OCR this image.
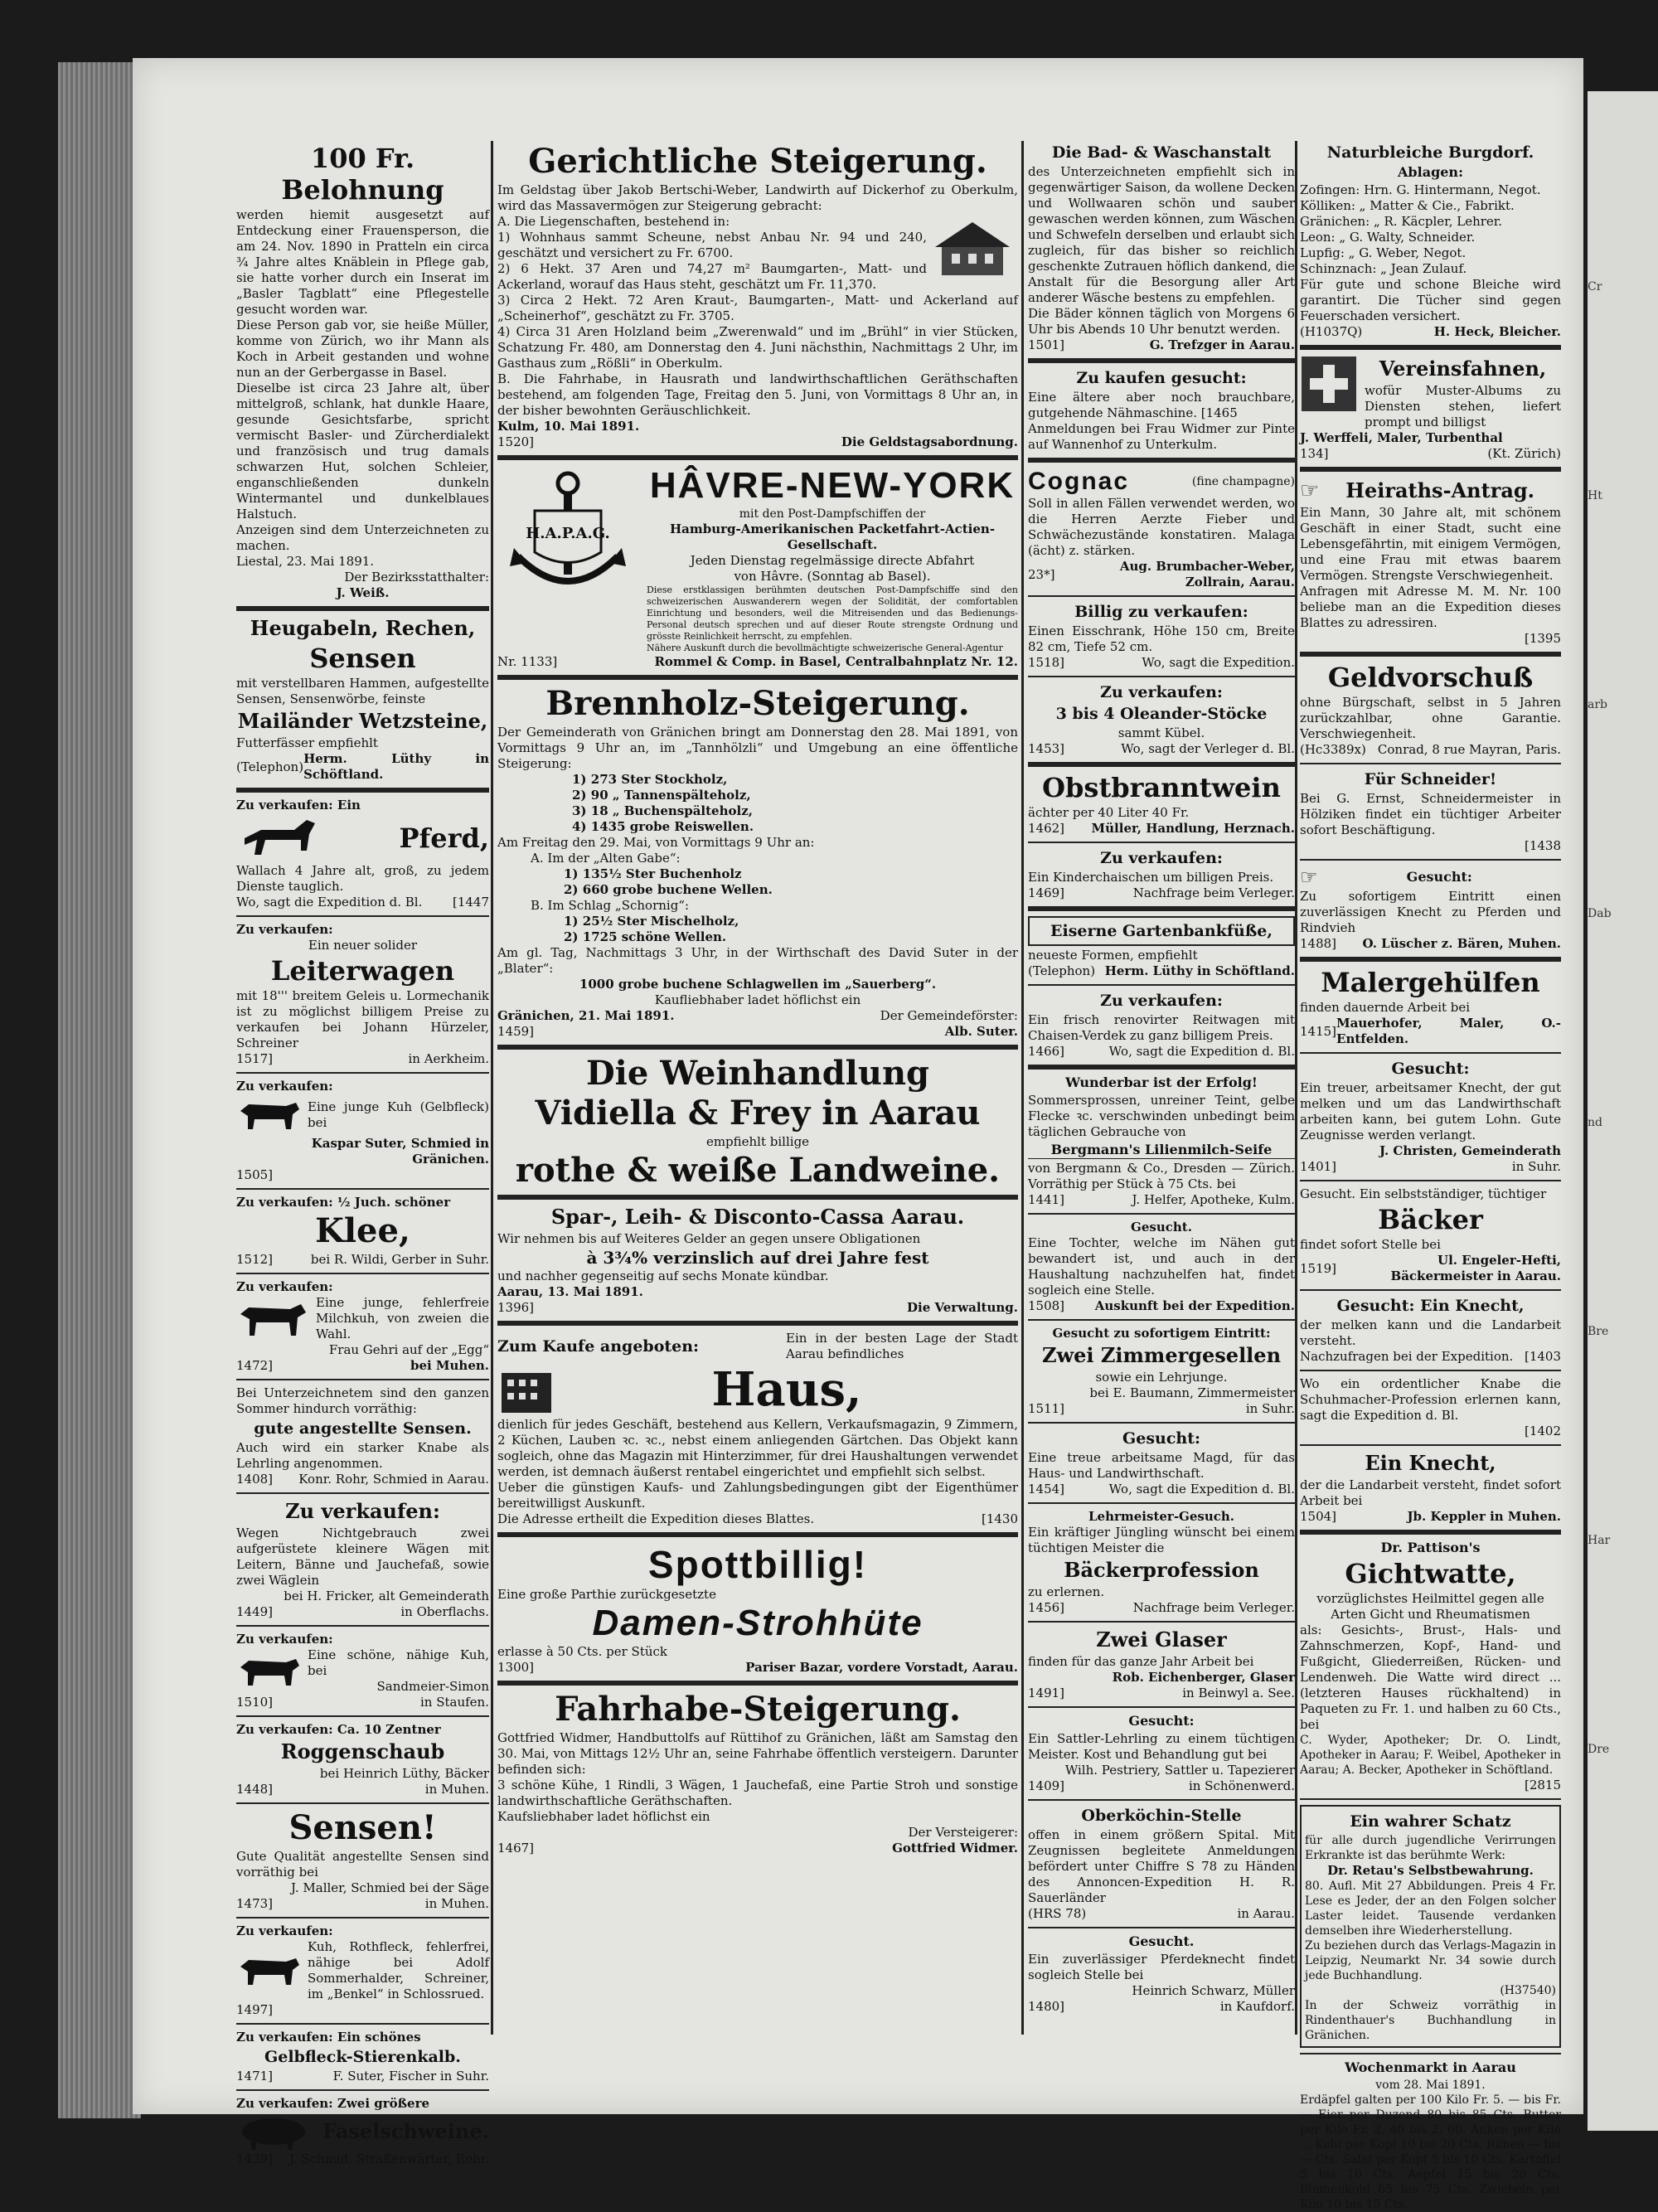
100 Fr. Belohnung

werden hiemit ausgesetzt auf Entdeckung einer Frauensperson, die am 24. Nov. 1890 in Pratteln ein circa ¾ Jahre altes Knäblein in Pflege gab, sie hatte vorher durch ein Inserat im „Basler Tagblatt“ eine Pflegestelle gesucht worden war.

Diese Person gab vor, sie heiße Müller, komme von Zürich, wo ihr Mann als Koch in Arbeit gestanden und wohne nun an der Gerbergasse in Basel.

Dieselbe ist circa 23 Jahre alt, über mittelgroß, schlank, hat dunkle Haare, gesunde Gesichtsfarbe, spricht vermischt Basler- und Zürcherdialekt und französisch und trug damals schwarzen Hut, solchen Schleier, enganschließenden dunkeln Wintermantel und dunkelblaues Halstuch.

Anzeigen sind dem Unterzeichneten zu machen.

Liestal, 23. Mai 1891.

Der Bezirksstatthalter:

J. Weiß.

Heugabeln, Rechen,
Sensen

mit verstellbaren Hammen, aufgestellte Sensen, Sensenwörbe, feinste

Mailänder Wetzsteine,

Futterfässer empfiehlt

(Telephon)
Herm. Lüthy in Schöftland.
Zu verkaufen: Ein
Pferd,

Wallach 4 Jahre alt, groß, zu jedem Dienste tauglich.

Wo, sagt die Expedition d. Bl. [1447
Zu verkaufen:

Ein neuer solider

Leiterwagen

mit 18''' breitem Geleis u. Lormechanik ist zu möglichst billigem Preise zu verkaufen bei Johann Hürzeler, Schreiner

1517]	in Aerkheim.
Zu verkaufen:

Eine junge Kuh (Gelbfleck) bei

Kaspar Suter, Schmied in Gränichen.

1505]
Zu verkaufen: ½ Juch. schöner
Klee,
1512]	bei R. Wildi, Gerber in Suhr.
Zu verkaufen:

Eine junge, fehlerfreie Milchkuh, von zweien die Wahl.

Frau Gehri auf der „Egg“

1472]	bei Muhen.

Bei Unterzeichnetem sind den ganzen Sommer hindurch vorräthig:

gute angestellte Sensen.

Auch wird ein starker Knabe als Lehrling angenommen.

1408] Konr. Rohr, Schmied in Aarau.
Zu verkaufen:

Wegen Nichtgebrauch zwei aufgerüstete kleinere Wägen mit Leitern, Bänne und Jauchefaß, sowie zwei Wäglein

bei H. Fricker, alt Gemeinderath

1449]	in Oberflachs.
Zu verkaufen:

Eine schöne, nähige Kuh, bei

Sandmeier-Simon

1510]	in Staufen.
Zu verkaufen: Ca. 10 Zentner
Roggenschaub

bei Heinrich Lüthy, Bäcker

1448]	in Muhen.
Sensen!

Gute Qualität angestellte Sensen sind vorräthig bei

J. Maller, Schmied bei der Säge

1473]	in Muhen.
Zu verkaufen:

Kuh, Rothfleck, fehlerfrei, nähige bei Adolf Sommerhalder, Schreiner, im „Benkel“ in Schlossrued.

1497]
Zu verkaufen: Ein schönes
Gelbfleck-Stierenkalb.
1471]	F. Suter, Fischer in Suhr.
Zu verkaufen: Zwei größere
Faselschweine.
1439] J. Schmid, Straßenwärter, Rohr.
Gerichtliche Steigerung.

Im Geldstag über Jakob Bertschi-Weber, Landwirth auf Dickerhof zu Oberkulm, wird das Massavermögen zur Steigerung gebracht:

A. Die Liegenschaften, bestehend in:

1) Wohnhaus sammt Scheune, nebst Anbau Nr. 94 und 240, geschätzt und versichert zu Fr. 6700.

2) 6 Hekt. 37 Aren und 74,27 m² Baumgarten-, Matt- und Ackerland, worauf das Haus steht, geschätzt um Fr. 11,370.

3) Circa 2 Hekt. 72 Aren Kraut-, Baumgarten-, Matt- und Ackerland auf „Scheinerhof“, geschätzt zu Fr. 3705.

4) Circa 31 Aren Holzland beim „Zwerenwald“ und im „Brühl“ in vier Stücken, Schatzung Fr. 480, am Donnerstag den 4. Juni nächsthin, Nachmittags 2 Uhr, im Gasthaus zum „Rößli“ in Oberkulm.

B. Die Fahrhabe, in Hausrath und landwirthschaftlichen Geräthschaften bestehend, am folgenden Tage, Freitag den 5. Juni, von Vormittags 8 Uhr an, in der bisher bewohnten Geräuschlichkeit.

Kulm, 10. Mai 1891.

1520]	Die Geldstagsabordnung.
H.A.P.A.G.
HÂVRE-NEW-YORK

mit den Post-Dampfschiffen der

Hamburg-Amerikanischen Packetfahrt-Actien-Gesellschaft.

Jeden Dienstag regelmässige directe Abfahrt

von Hâvre. (Sonntag ab Basel).

Diese erstklassigen berühmten deutschen Post-Dampfschiffe sind den schweizerischen Auswanderern wegen der Solidität, der comfortablen Einrichtung und besonders, weil die Mitreisenden und das Bedienungs-Personal deutsch sprechen und auf dieser Route strengste Ordnung und grösste Reinlichkeit herrscht, zu empfehlen.

Nähere Auskunft durch die bevollmächtigte schweizerische General-Agentur

Nr. 1133]	Rommel & Comp. in Basel, Centralbahnplatz Nr. 12.
Brennholz-Steigerung.

Der Gemeinderath von Gränichen bringt am Donnerstag den 28. Mai 1891, von Vormittags 9 Uhr an, im „Tannhölzli“ und Umgebung an eine öffentliche Steigerung:

1) 273 Ster Stockholz,

2) 90 „ Tannenspälteholz,

3) 18 „ Buchenspälteholz,

4) 1435 grobe Reiswellen.

Am Freitag den 29. Mai, von Vormittags 9 Uhr an:

A. Im der „Alten Gabe“:

1) 135½ Ster Buchenholz

2) 660 grobe buchene Wellen.

B. Im Schlag „Schornig“:

1) 25½ Ster Mischelholz,

2) 1725 schöne Wellen.

Am gl. Tag, Nachmittags 3 Uhr, in der Wirthschaft des David Suter in der „Blater“:

1000 grobe buchene Schlagwellen im „Sauerberg“.

Kaufliebhaber ladet höflichst ein

Gränichen, 21. Mai 1891.	Der Gemeindeförster:
1459]	Alb. Suter.
Die Weinhandlung
Vidiella & Frey in Aarau

empfiehlt billige

rothe & weiße Landweine.
Spar-, Leih- & Disconto-Cassa Aarau.

Wir nehmen bis auf Weiteres Gelder an gegen unsere Obligationen

à 3¾% verzinslich auf drei Jahre fest

und nachher gegenseitig auf sechs Monate kündbar.

Aarau, 13. Mai 1891.

1396]	Die Verwaltung.
Zum Kaufe angeboten:	Ein in der besten Lage der Stadt Aarau befindliches
Haus,

dienlich für jedes Geschäft, bestehend aus Kellern, Verkaufsmagazin, 9 Zimmern, 2 Küchen, Lauben ꝛc. ꝛc., nebst einem anliegenden Gärtchen. Das Objekt kann sogleich, ohne das Magazin mit Hinterzimmer, für drei Haushaltungen verwendet werden, ist demnach äußerst rentabel eingerichtet und empfiehlt sich selbst.

Ueber die günstigen Kaufs- und Zahlungsbedingungen gibt der Eigenthümer bereitwilligst Auskunft.

Die Adresse ertheilt die Expedition dieses Blattes.	[1430
Spottbillig!

Eine große Parthie zurückgesetzte

Damen-Strohhüte

erlasse à 50 Cts. per Stück

1300]	Pariser Bazar, vordere Vorstadt, Aarau.
Fahrhabe-Steigerung.

Gottfried Widmer, Handbuttolfs auf Rüttihof zu Gränichen, läßt am Samstag den 30. Mai, von Mittags 12½ Uhr an, seine Fahrhabe öffentlich versteigern. Darunter befinden sich:

3 schöne Kühe, 1 Rindli, 3 Wägen, 1 Jauchefaß, eine Partie Stroh und sonstige landwirthschaftliche Geräthschaften.

Kaufsliebhaber ladet höflichst ein

Der Versteigerer:

1467]	Gottfried Widmer.
Die Bad- & Waschanstalt

des Unterzeichneten empfiehlt sich in gegenwärtiger Saison, da wollene Decken und Wollwaaren schön und sauber gewaschen werden können, zum Wäschen und Schwefeln derselben und erlaubt sich zugleich, für das bisher so reichlich geschenkte Zutrauen höflich dankend, die Anstalt für die Besorgung aller Art anderer Wäsche bestens zu empfehlen.

Die Bäder können täglich von Morgens 6 Uhr bis Abends 10 Uhr benutzt werden.

1501]	G. Trefzger in Aarau.
Zu kaufen gesucht:

Eine ältere aber noch brauchbare, gutgehende Nähmaschine. [1465

Anmeldungen bei Frau Widmer zur Pinte auf Wannenhof zu Unterkulm.

Cognac	(fine champagne)

Soll in allen Fällen verwendet werden, wo die Herren Aerzte Fieber und Schwächezustände konstatiren. Malaga (ächt) z. stärken.

23*]
Aug. Brumbacher-Weber, Zollrain, Aarau.
Billig zu verkaufen:

Einen Eisschrank, Höhe 150 cm, Breite 82 cm, Tiefe 52 cm.

1518]	Wo, sagt die Expedition.
Zu verkaufen:
3 bis 4 Oleander-Stöcke

sammt Kübel.

1453]	Wo, sagt der Verleger d. Bl.
Obstbranntwein

ächter per 40 Liter 40 Fr.

1462] Müller, Handlung, Herznach.
Zu verkaufen:

Ein Kinderchaischen um billigen Preis.

1469]	Nachfrage beim Verleger.
Eiserne Gartenbankfüße,

neueste Formen, empfiehlt

(Telephon) Herm. Lüthy in Schöftland.
Zu verkaufen:

Ein frisch renovirter Reitwagen mit Chaisen-Verdek zu ganz billigem Preis.

1466]	Wo, sagt die Expedition d. Bl.
Wunderbar ist der Erfolg!

Sommersprossen, unreiner Teint, gelbe Flecke ꝛc. verschwinden unbedingt beim täglichen Gebrauche von

Bergmann's Lilienmilch-Seife

von Bergmann & Co., Dresden — Zürich. Vorräthig per Stück à 75 Cts. bei

1441]	J. Helfer, Apotheke, Kulm.
Gesucht.

Eine Tochter, welche im Nähen gut bewandert ist, und auch in der Haushaltung nachzuhelfen hat, findet sogleich eine Stelle.

1508] Auskunft bei der Expedition.
Gesucht zu sofortigem Eintritt:
Zwei Zimmergesellen

sowie ein Lehrjunge.

bei E. Baumann, Zimmermeister

1511]	in Suhr.
Gesucht:

Eine treue arbeitsame Magd, für das Haus- und Landwirthschaft.

1454]	Wo, sagt die Expedition d. Bl.
Lehrmeister-Gesuch.

Ein kräftiger Jüngling wünscht bei einem tüchtigen Meister die

Bäckerprofession

zu erlernen.

1456]	Nachfrage beim Verleger.
Zwei Glaser

finden für das ganze Jahr Arbeit bei

Rob. Eichenberger, Glaser

1491]	in Beinwyl a. See.
Gesucht:

Ein Sattler-Lehrling zu einem tüchtigen Meister. Kost und Behandlung gut bei

Wilh. Pestriery, Sattler u. Tapezierer

1409]	in Schönenwerd.
Oberköchin-Stelle

offen in einem größern Spital. Mit Zeugnissen begleitete Anmeldungen befördert unter Chiffre S 78 zu Händen des Annoncen-Expedition H. R. Sauerländer

(HRS 78)	in Aarau.
Gesucht.

Ein zuverlässiger Pferdeknecht findet sogleich Stelle bei

Heinrich Schwarz, Müller

1480]	in Kaufdorf.
Naturbleiche Burgdorf.
Ablagen:

Zofingen: Hrn. G. Hintermann, Negot.

Kölliken: „ Matter & Cie., Fabrikt.

Gränichen: „ R. Käcpler, Lehrer.

Leon: „ G. Walty, Schneider.

Lupfig: „ G. Weber, Negot.

Schinznach: „ Jean Zulauf.

Für gute und schone Bleiche wird garantirt. Die Tücher sind gegen Feuerschaden versichert.

(H1037Q)	H. Heck, Bleicher.
Vereinsfahnen,

wofür Muster-Albums zu Diensten stehen, liefert prompt und billigst

J. Werffeli, Maler, Turbenthal

134]	(Kt. Zürich)
☞	Heiraths-Antrag.

Ein Mann, 30 Jahre alt, mit schönem Geschäft in einer Stadt, sucht eine Lebensgefährtin, mit einigem Vermögen, und eine Frau mit etwas baarem Vermögen. Strengste Verschwiegenheit.

Anfragen mit Adresse M. M. Nr. 100 beliebe man an die Expedition dieses Blattes zu adressiren.

[1395
Geldvorschuß

ohne Bürgschaft, selbst in 5 Jahren zurückzahlbar, ohne Garantie. Verschwiegenheit.

(Hc3389x) Conrad, 8 rue Mayran, Paris.
Für Schneider!

Bei G. Ernst, Schneidermeister in Hölziken findet ein tüchtiger Arbeiter sofort Beschäftigung.

[1438
☞	Gesucht:

Zu sofortigem Eintritt einen zuverlässigen Knecht zu Pferden und Rindvieh

1488] O. Lüscher z. Bären, Muhen.
Malergehülfen

finden dauernde Arbeit bei

1415]
Mauerhofer, Maler, O.-Entfelden.
Gesucht:

Ein treuer, arbeitsamer Knecht, der gut melken und um das Landwirthschaft arbeiten kann, bei gutem Lohn. Gute Zeugnisse werden verlangt.

J. Christen, Gemeinderath

1401]	in Suhr.

Gesucht. Ein selbstständiger, tüchtiger

Bäcker

findet sofort Stelle bei

1519]
Ul. Engeler-Hefti, Bäckermeister in Aarau.
Gesucht: Ein Knecht,

der melken kann und die Landarbeit versteht.

Nachzufragen bei der Expedition. [1403

Wo ein ordentlicher Knabe die Schuhmacher-Profession erlernen kann, sagt die Expedition d. Bl.

[1402
Ein Knecht,

der die Landarbeit versteht, findet sofort Arbeit bei

1504]	Jb. Keppler in Muhen.
Dr. Pattison's
Gichtwatte,

vorzüglichstes Heilmittel gegen alle Arten Gicht und Rheumatismen

als: Gesichts-, Brust-, Hals- und Zahnschmerzen, Kopf-, Hand- und Fußgicht, Gliederreißen, Rücken- und Lendenweh. Die Watte wird direct ... (letzteren Hauses rückhaltend) in Paqueten zu Fr. 1. und halben zu 60 Cts., bei

C. Wyder, Apotheker; Dr. O. Lindt, Apotheker in Aarau; F. Weibel, Apotheker in Aarau; A. Becker, Apotheker in Schöftland.

[2815
Ein wahrer Schatz

für alle durch jugendliche Verirrungen Erkrankte ist das berühmte Werk:

Dr. Retau's Selbstbewahrung.

80. Aufl. Mit 27 Abbildungen. Preis 4 Fr. Lese es Jeder, der an den Folgen solcher Laster leidet. Tausende verdanken demselben ihre Wiederherstellung.

Zu beziehen durch das Verlags-Magazin in Leipzig, Neumarkt Nr. 34 sowie durch jede Buchhandlung.

(H37540)

In der Schweiz vorräthig in Rindenthauer's Buchhandlung in Gränichen.

Wochenmarkt in Aarau

vom 28. Mai 1891.

Erdäpfel galten per 100 Kilo Fr. 5. — bis Fr. — Eier per Duzend 80 bis 85 Cts. Butter per Kilo Fr. 2. 40 bis 2. 60. Anken per Kilo ... Kohl per Kopf 10 bis 20 Cts. Rüben — bis — Cts. Salat per Kopf 5 bis 10 Cts. Kartoffel 5 bis 10 Cts. Aepfel 15 bis 20 Cts. Blumenkohl 65 bis 75 Cts. Zwiebeln per Kilo 10 bis 15 Cts.

Cr
Ht
arb
Dab
nd
Bre
Har
Dre
